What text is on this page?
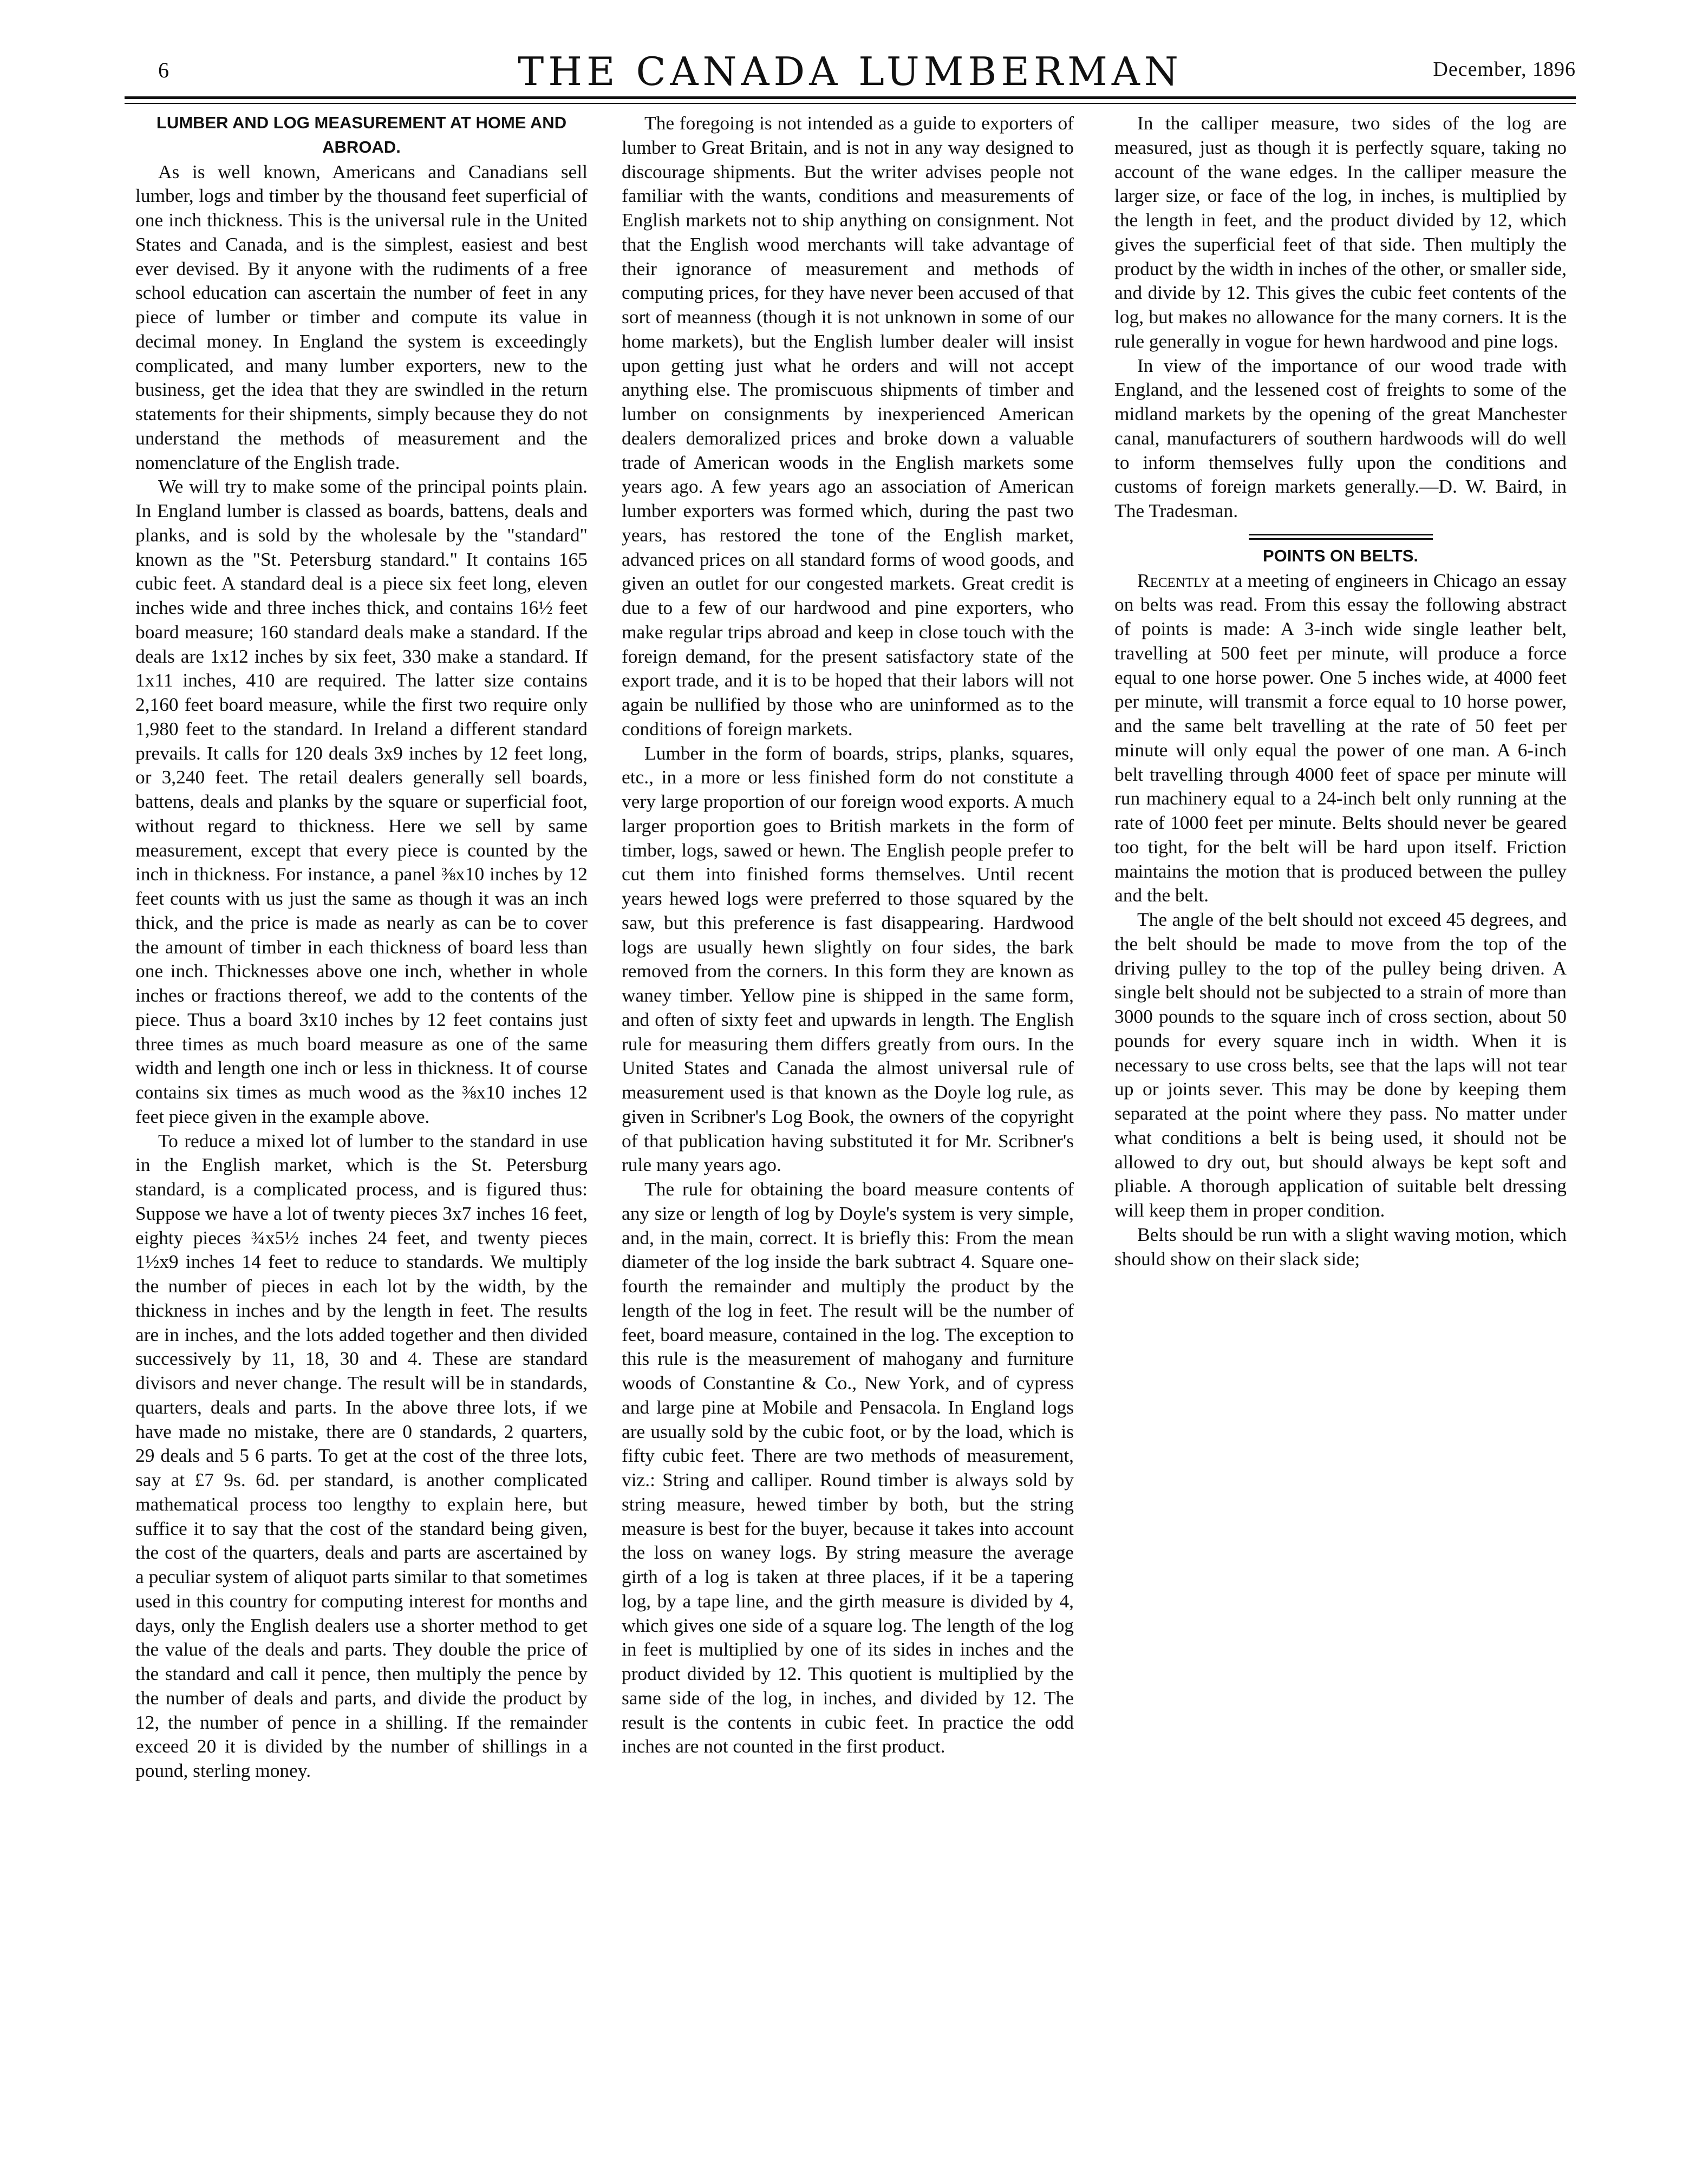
6	THE CANADA LUMBERMAN	December, 1896
LUMBER AND LOG MEASUREMENT AT HOME AND ABROAD.

As is well known, Americans and Canadians sell lumber, logs and timber by the thousand feet superficial of one inch thickness. This is the universal rule in the United States and Canada, and is the simplest, easiest and best ever devised. By it anyone with the rudiments of a free school education can ascertain the number of feet in any piece of lumber or timber and compute its value in decimal money. In England the system is exceedingly complicated, and many lumber exporters, new to the business, get the idea that they are swindled in the return statements for their shipments, simply because they do not understand the methods of measurement and the nomenclature of the English trade.

We will try to make some of the principal points plain. In England lumber is classed as boards, battens, deals and planks, and is sold by the wholesale by the "standard" known as the "St. Petersburg standard." It contains 165 cubic feet. A standard deal is a piece six feet long, eleven inches wide and three inches thick, and contains 16½ feet board measure; 160 standard deals make a standard. If the deals are 1x12 inches by six feet, 330 make a standard. If 1x11 inches, 410 are required. The latter size contains 2,160 feet board measure, while the first two require only 1,980 feet to the standard. In Ireland a different standard prevails. It calls for 120 deals 3x9 inches by 12 feet long, or 3,240 feet. The retail dealers generally sell boards, battens, deals and planks by the square or superficial foot, without regard to thickness. Here we sell by same measurement, except that every piece is counted by the inch in thickness. For instance, a panel ⅜x10 inches by 12 feet counts with us just the same as though it was an inch thick, and the price is made as nearly as can be to cover the amount of timber in each thickness of board less than one inch. Thicknesses above one inch, whether in whole inches or fractions thereof, we add to the contents of the piece. Thus a board 3x10 inches by 12 feet contains just three times as much board measure as one of the same width and length one inch or less in thickness. It of course contains six times as much wood as the ⅜x10 inches 12 feet piece given in the example above.

To reduce a mixed lot of lumber to the standard in use in the English market, which is the St. Petersburg standard, is a complicated process, and is figured thus: Suppose we have a lot of twenty pieces 3x7 inches 16 feet, eighty pieces ¾x5½ inches 24 feet, and twenty pieces 1½x9 inches 14 feet to reduce to standards. We multiply the number of pieces in each lot by the width, by the thickness in inches and by the length in feet. The results are in inches, and the lots added together and then divided successively by 11, 18, 30 and 4. These are standard divisors and never change. The result will be in standards, quarters, deals and parts. In the above three lots, if we have made no mistake, there are 0 standards, 2 quarters, 29 deals and 5 6 parts. To get at the cost of the three lots, say at £7 9s. 6d. per standard, is another complicated mathematical process too lengthy to explain here, but suffice it to say that the cost of the standard being given, the cost of the quarters, deals and parts are ascertained by a peculiar system of aliquot parts similar to that sometimes used in this country for computing interest for months and days, only the English dealers use a shorter method to get the value of the deals and parts. They double the price of the standard and call it pence, then multiply the pence by the number of deals and parts, and divide the product by 12, the number of pence in a shilling. If the remainder exceed 20 it is divided by the number of shillings in a pound, sterling money.

The foregoing is not intended as a guide to exporters of lumber to Great Britain, and is not in any way designed to discourage shipments. But the writer advises people not familiar with the wants, conditions and measurements of English markets not to ship anything on consignment. Not that the English wood merchants will take advantage of their ignorance of measurement and methods of computing prices, for they have never been accused of that sort of meanness (though it is not unknown in some of our home markets), but the English lumber dealer will insist upon getting just what he orders and will not accept anything else. The promiscuous shipments of timber and lumber on consignments by inexperienced American dealers demoralized prices and broke down a valuable trade of American woods in the English markets some years ago. A few years ago an association of American lumber exporters was formed which, during the past two years, has restored the tone of the English market, advanced prices on all standard forms of wood goods, and given an outlet for our congested markets. Great credit is due to a few of our hardwood and pine exporters, who make regular trips abroad and keep in close touch with the foreign demand, for the present satisfactory state of the export trade, and it is to be hoped that their labors will not again be nullified by those who are uninformed as to the conditions of foreign markets.

Lumber in the form of boards, strips, planks, squares, etc., in a more or less finished form do not constitute a very large proportion of our foreign wood exports. A much larger proportion goes to British markets in the form of timber, logs, sawed or hewn. The English people prefer to cut them into finished forms themselves. Until recent years hewed logs were preferred to those squared by the saw, but this preference is fast disappearing. Hardwood logs are usually hewn slightly on four sides, the bark removed from the corners. In this form they are known as waney timber. Yellow pine is shipped in the same form, and often of sixty feet and upwards in length. The English rule for measuring them differs greatly from ours. In the United States and Canada the almost universal rule of measurement used is that known as the Doyle log rule, as given in Scribner's Log Book, the owners of the copyright of that publication having substituted it for Mr. Scribner's rule many years ago.

The rule for obtaining the board measure contents of any size or length of log by Doyle's system is very simple, and, in the main, correct. It is briefly this: From the mean diameter of the log inside the bark subtract 4. Square one-fourth the remainder and multiply the product by the length of the log in feet. The result will be the number of feet, board measure, contained in the log. The exception to this rule is the measurement of mahogany and furniture woods of Constantine & Co., New York, and of cypress and large pine at Mobile and Pensacola. In England logs are usually sold by the cubic foot, or by the load, which is fifty cubic feet. There are two methods of measurement, viz.: String and calliper. Round timber is always sold by string measure, hewed timber by both, but the string measure is best for the buyer, because it takes into account the loss on waney logs. By string measure the average girth of a log is taken at three places, if it be a tapering log, by a tape line, and the girth measure is divided by 4, which gives one side of a square log. The length of the log in feet is multiplied by one of its sides in inches and the product divided by 12. This quotient is multiplied by the same side of the log, in inches, and divided by 12. The result is the contents in cubic feet. In practice the odd inches are not counted in the first product.

In the calliper measure, two sides of the log are measured, just as though it is perfectly square, taking no account of the wane edges. In the calliper measure the larger size, or face of the log, in inches, is multiplied by the length in feet, and the product divided by 12, which gives the superficial feet of that side. Then multiply the product by the width in inches of the other, or smaller side, and divide by 12. This gives the cubic feet contents of the log, but makes no allowance for the many corners. It is the rule generally in vogue for hewn hardwood and pine logs.

In view of the importance of our wood trade with England, and the lessened cost of freights to some of the midland markets by the opening of the great Manchester canal, manufacturers of southern hardwoods will do well to inform themselves fully upon the conditions and customs of foreign markets generally.—D. W. Baird, in The Tradesman.

POINTS ON BELTS.

Recently at a meeting of engineers in Chicago an essay on belts was read. From this essay the following abstract of points is made: A 3-inch wide single leather belt, travelling at 500 feet per minute, will produce a force equal to one horse power. One 5 inches wide, at 4000 feet per minute, will transmit a force equal to 10 horse power, and the same belt travelling at the rate of 50 feet per minute will only equal the power of one man. A 6-inch belt travelling through 4000 feet of space per minute will run machinery equal to a 24-inch belt only running at the rate of 1000 feet per minute. Belts should never be geared too tight, for the belt will be hard upon itself. Friction maintains the motion that is produced between the pulley and the belt.

The angle of the belt should not exceed 45 degrees, and the belt should be made to move from the top of the driving pulley to the top of the pulley being driven. A single belt should not be subjected to a strain of more than 3000 pounds to the square inch of cross section, about 50 pounds for every square inch in width. When it is necessary to use cross belts, see that the laps will not tear up or joints sever. This may be done by keeping them separated at the point where they pass. No matter under what conditions a belt is being used, it should not be allowed to dry out, but should always be kept soft and pliable. A thorough application of suitable belt dressing will keep them in proper condition.

Belts should be run with a slight waving motion, which should show on their slack side;
